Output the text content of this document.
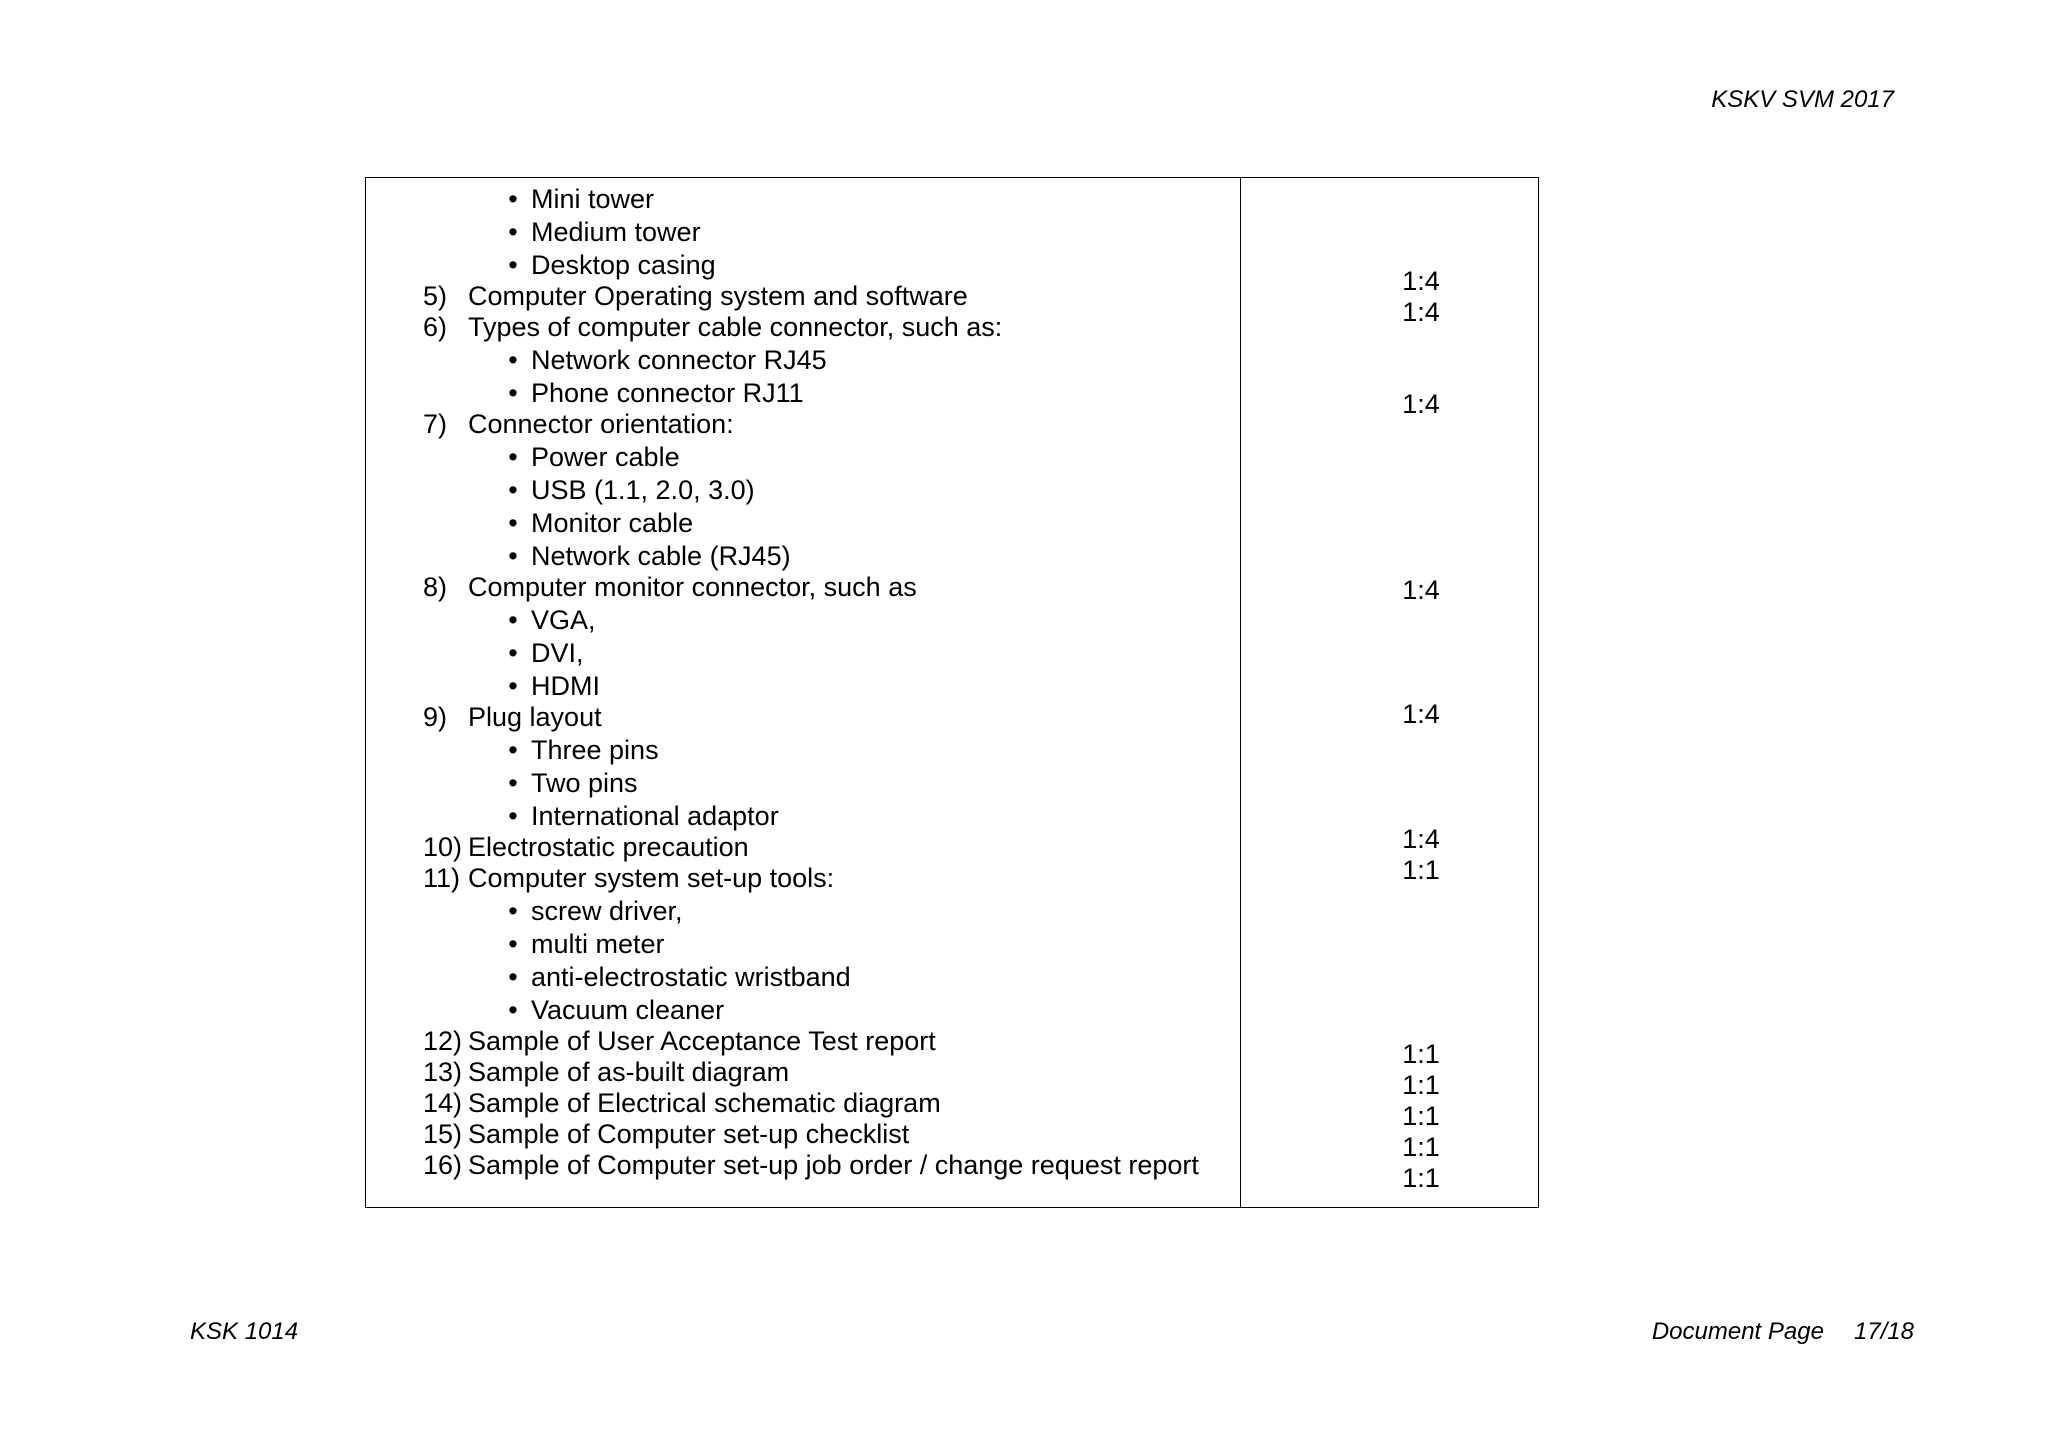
KSKV SVM 2017
• Mini tower
• Medium tower
• Desktop casing
5) Computer Operating system and software
6) Types of computer cable connector, such as:
• Network connector RJ45
• Phone connector RJ11
7) Connector orientation:
• Power cable
• USB (1.1, 2.0, 3.0)
• Monitor cable
• Network cable (RJ45)
8) Computer monitor connector, such as
• VGA,
• DVI,
• HDMI
9) Plug layout
• Three pins
• Two pins
• International adaptor
10) Electrostatic precaution
11) Computer system set-up tools:
• screw driver,
• multi meter
• anti-electrostatic wristband
• Vacuum cleaner
12) Sample of User Acceptance Test report
13) Sample of as-built diagram
14) Sample of Electrical schematic diagram
15) Sample of Computer set-up checklist
16) Sample of Computer set-up job order / change request report
1:4
1:4
1:4
1:4
1:4
1:4
1:1
1:1
1:1
1:1
1:1
1:1
KSK 1014	Document Page 17/18
